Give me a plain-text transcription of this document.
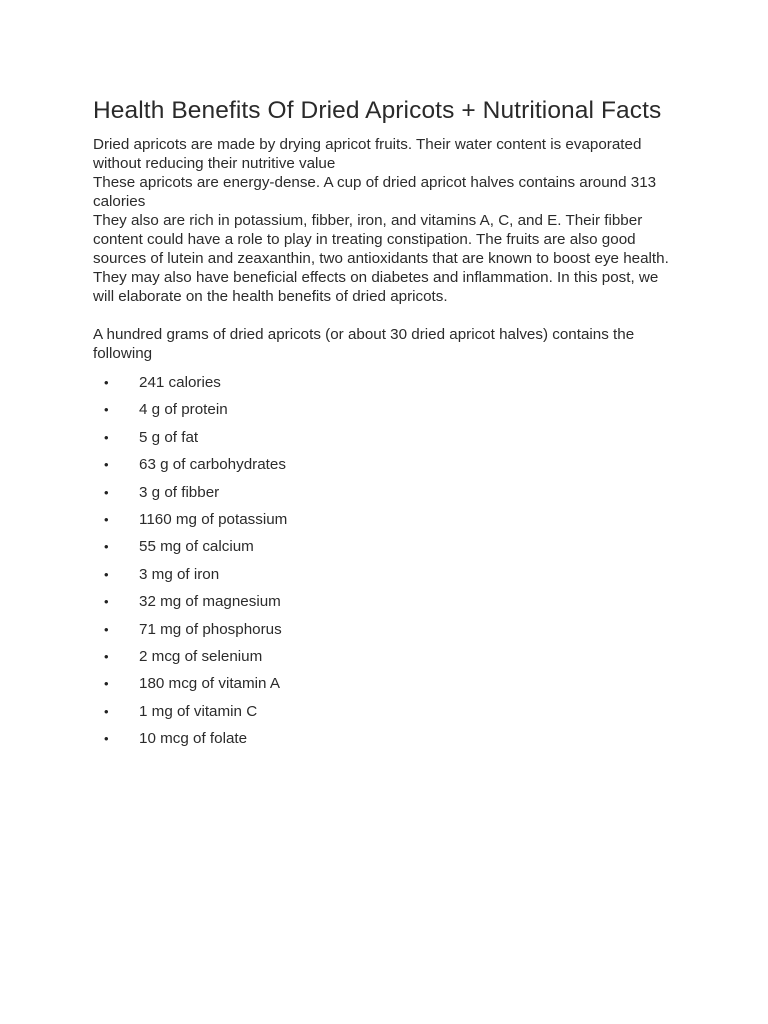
Health Benefits Of Dried Apricots + Nutritional Facts

Dried apricots are made by drying apricot fruits. Their water content is evaporated without reducing their nutritive value

These apricots are energy-dense. A cup of dried apricot halves contains around 313 calories

They also are rich in potassium, fibber, iron, and vitamins A, C, and E. Their fibber content could have a role to play in treating constipation. The fruits are also good sources of lutein and zeaxanthin, two antioxidants that are known to boost eye health. They may also have beneficial effects on diabetes and inflammation. In this post, we will elaborate on the health benefits of dried apricots.

A hundred grams of dried apricots (or about 30 dried apricot halves) contains the following

• 241 calories
• 4 g of protein
• 5 g of fat
• 63 g of carbohydrates
• 3 g of fibber
• 1160 mg of potassium
• 55 mg of calcium
• 3 mg of iron
• 32 mg of magnesium
• 71 mg of phosphorus
• 2 mcg of selenium
• 180 mcg of vitamin A
• 1 mg of vitamin C
• 10 mcg of folate
